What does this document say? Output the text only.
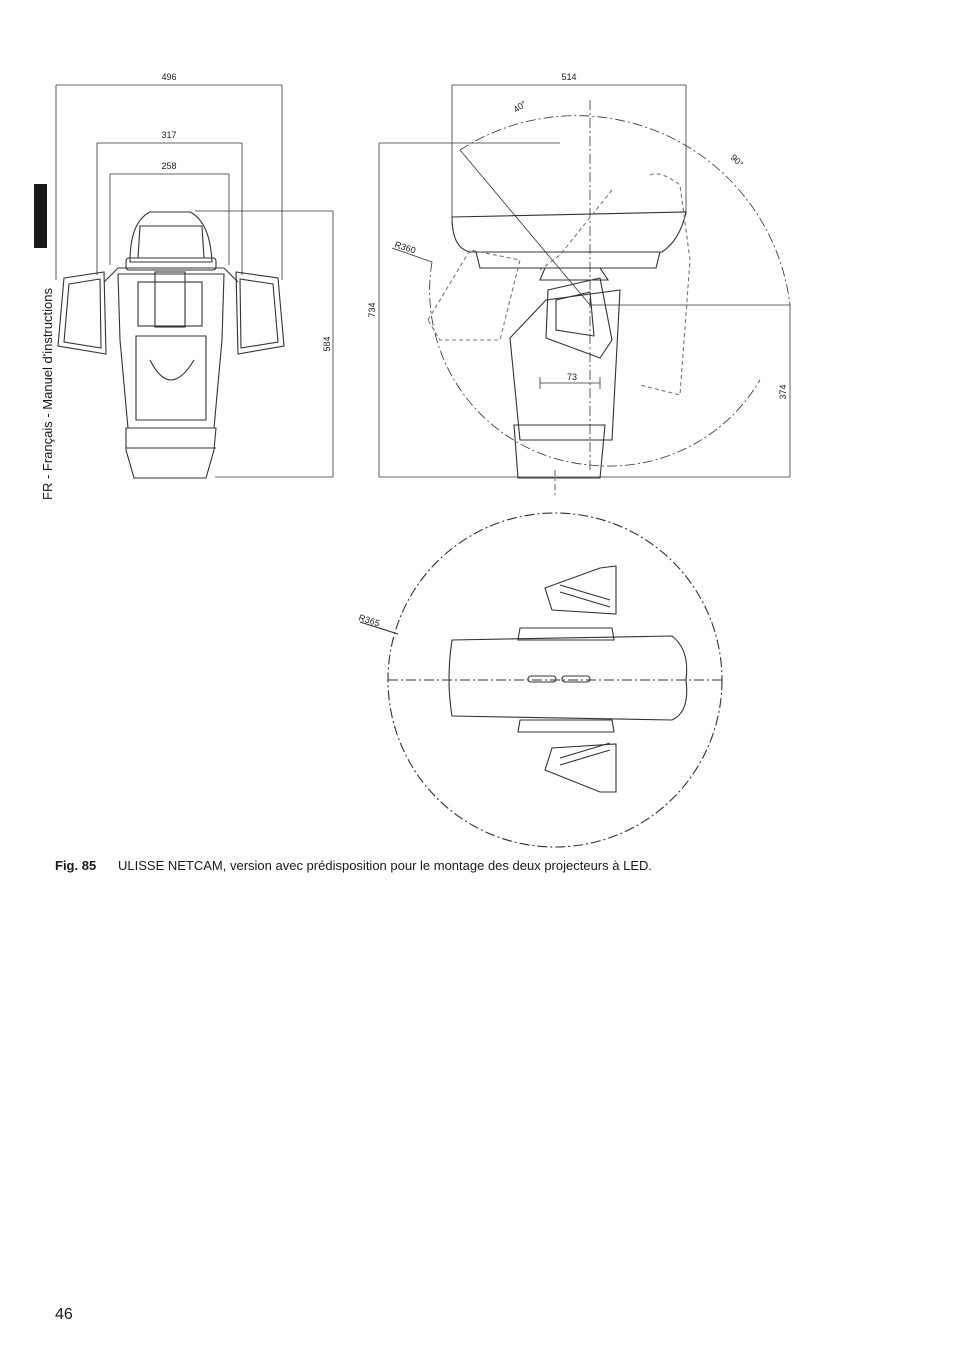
FR - Français - Manuel d'instructions
496
317
258
584
514
40°
90°
R360
734
73
374
R365
Fig. 85 ULISSE NETCAM, version avec prédisposition pour le montage des deux projecteurs à LED.
46
